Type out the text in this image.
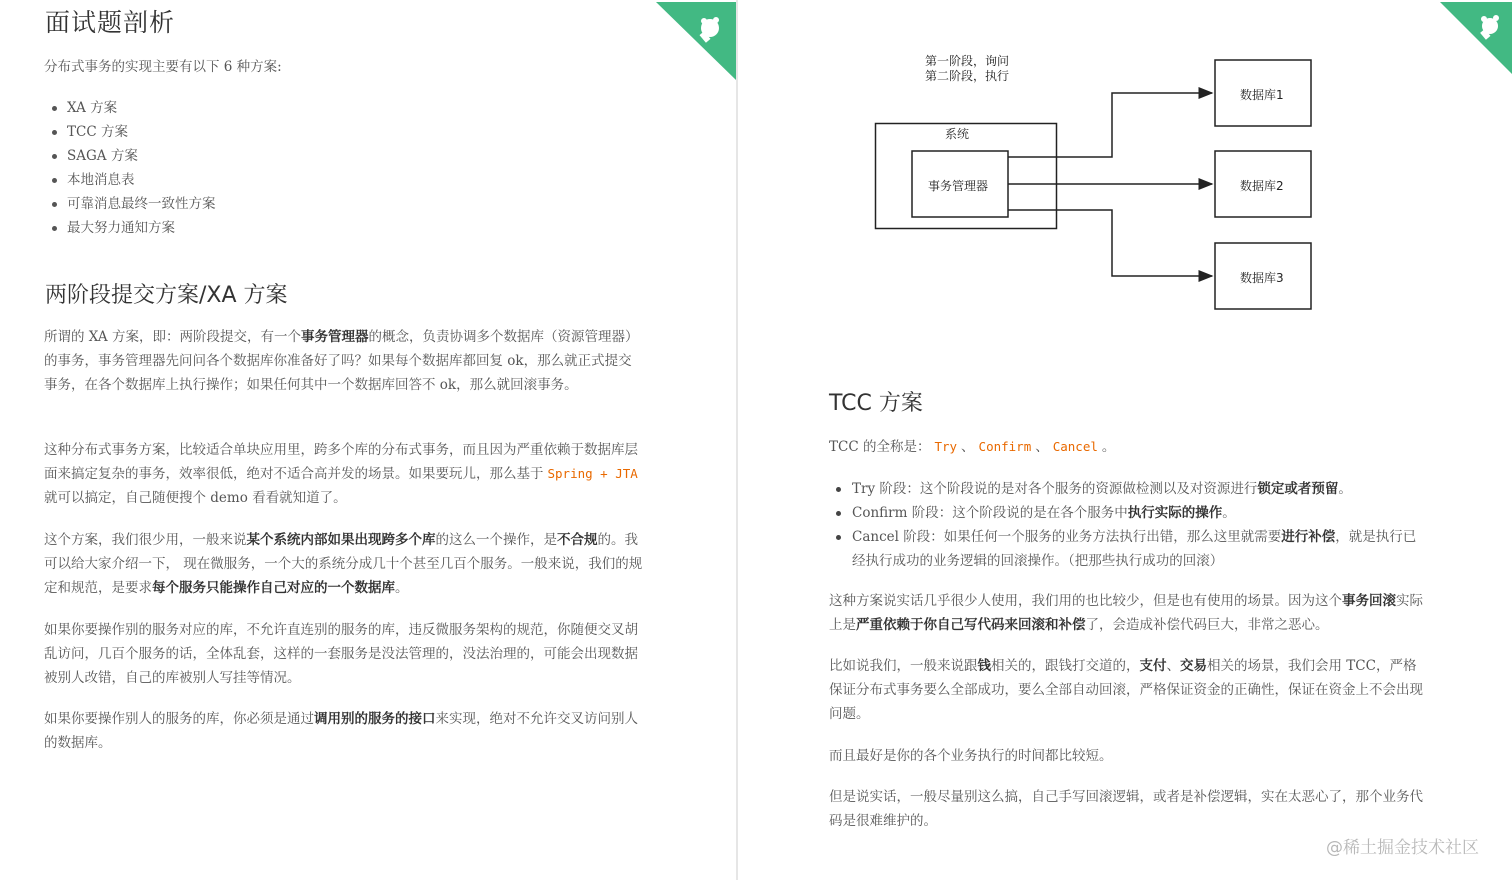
面试题剖析
分布式事务的实现主要有以下 6 种方案:
XA 方案
TCC 方案
SAGA 方案
本地消息表
可靠消息最终一致性方案
最大努力通知方案
两阶段提交方案/XA 方案

所谓的 XA 方案，即：两阶段提交，有一个事务管理器的概念，负责协调多个数据库（资源管理器）的事务，事务管理器先问问各个数据库你准备好了吗？如果每个数据库都回复 ok，那么就正式提交事务，在各个数据库上执行操作；如果任何其中一个数据库回答不 ok，那么就回滚事务。

这种分布式事务方案，比较适合单块应用里，跨多个库的分布式事务，而且因为严重依赖于数据库层面来搞定复杂的事务，效率很低，绝对不适合高并发的场景。如果要玩儿，那么基于 Spring + JTA就可以搞定，自己随便搜个 demo 看看就知道了。

这个方案，我们很少用，一般来说某个系统内部如果出现跨多个库的这么一个操作，是不合规的。我可以给大家介绍一下， 现在微服务，一个大的系统分成几十个甚至几百个服务。一般来说，我们的规定和规范，是要求每个服务只能操作自己对应的一个数据库。

如果你要操作别的服务对应的库，不允许直连别的服务的库，违反微服务架构的规范，你随便交叉胡乱访问，几百个服务的话，全体乱套，这样的一套服务是没法管理的，没法治理的，可能会出现数据被别人改错，自己的库被别人写挂等情况。

如果你要操作别人的服务的库，你必须是通过调用别的服务的接口来实现，绝对不允许交叉访问别人的数据库。

第一阶段，询问
第二阶段，执行
系统
事务管理器
数据库1
数据库2
数据库3
TCC 方案
TCC 的全称是： Try 、 Confirm 、 Cancel 。
Try 阶段：这个阶段说的是对各个服务的资源做检测以及对资源进行锁定或者预留。
Confirm 阶段：这个阶段说的是在各个服务中执行实际的操作。
Cancel 阶段：如果任何一个服务的业务方法执行出错，那么这里就需要进行补偿，就是执行已经执行成功的业务逻辑的回滚操作。（把那些执行成功的回滚）

这种方案说实话几乎很少人使用，我们用的也比较少，但是也有使用的场景。因为这个事务回滚实际上是严重依赖于你自己写代码来回滚和补偿了，会造成补偿代码巨大，非常之恶心。

比如说我们，一般来说跟钱相关的，跟钱打交道的，支付、交易相关的场景，我们会用 TCC，严格保证分布式事务要么全部成功，要么全部自动回滚，严格保证资金的正确性，保证在资金上不会出现问题。

而且最好是你的各个业务执行的时间都比较短。

但是说实话，一般尽量别这么搞，自己手写回滚逻辑，或者是补偿逻辑，实在太恶心了，那个业务代码是很难维护的。

@稀土掘金技术社区
